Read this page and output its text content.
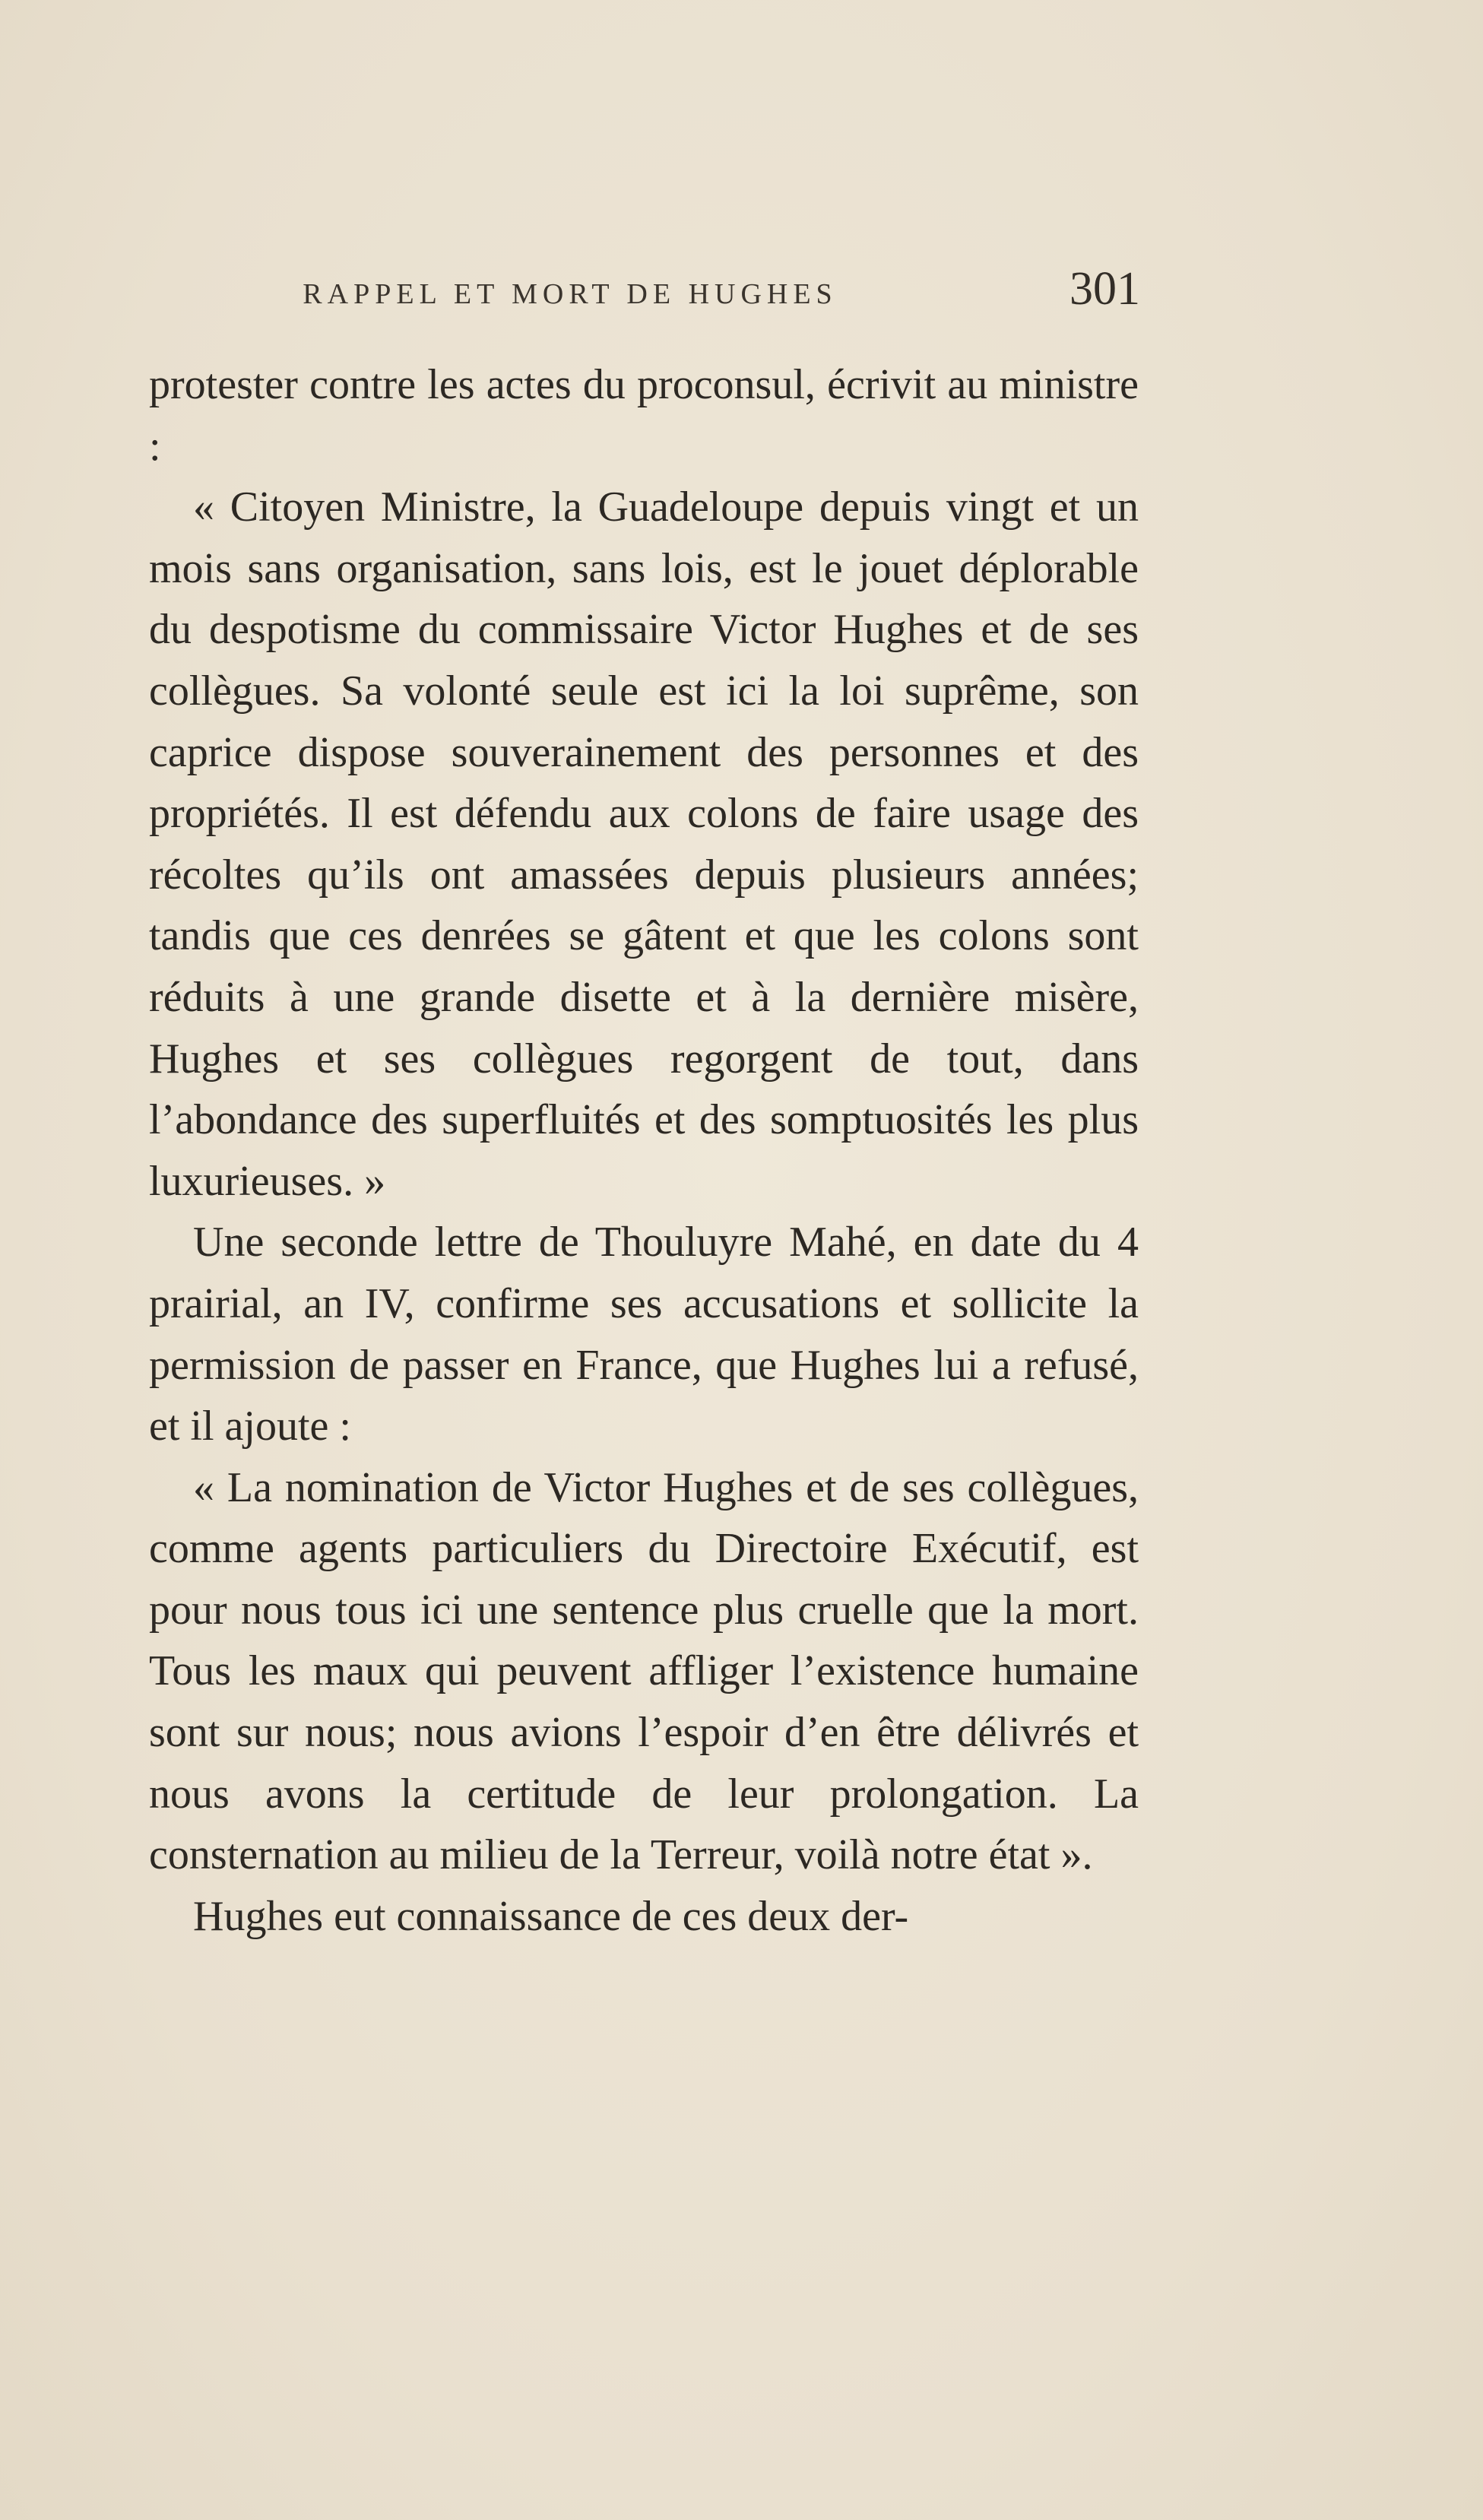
RAPPEL ET MORT DE HUGHES	301

protester contre les actes du proconsul, écrivit au ministre :

« Citoyen Ministre, la Guadeloupe depuis vingt et un mois sans organisation, sans lois, est le jouet déplorable du despotisme du commissaire Victor Hughes et de ses collègues. Sa volonté seule est ici la loi suprême, son caprice dispose souverainement des personnes et des propriétés. Il est défendu aux colons de faire usage des récoltes qu’ils ont amassées depuis plusieurs années; tandis que ces denrées se gâtent et que les colons sont réduits à une grande disette et à la dernière misère, Hughes et ses collègues regorgent de tout, dans l’abondance des superfluités et des somptuosités les plus luxurieuses. »

Une seconde lettre de Thouluyre Mahé, en date du 4 prairial, an IV, confirme ses accusations et sollicite la permission de passer en France, que Hughes lui a refusé, et il ajoute :

« La nomination de Victor Hughes et de ses collègues, comme agents particuliers du Directoire Exécutif, est pour nous tous ici une sentence plus cruelle que la mort. Tous les maux qui peuvent affliger l’existence humaine sont sur nous; nous avions l’espoir d’en être délivrés et nous avons la certitude de leur prolongation. La consternation au milieu de la Terreur, voilà notre état ».

Hughes eut connaissance de ces deux der-
